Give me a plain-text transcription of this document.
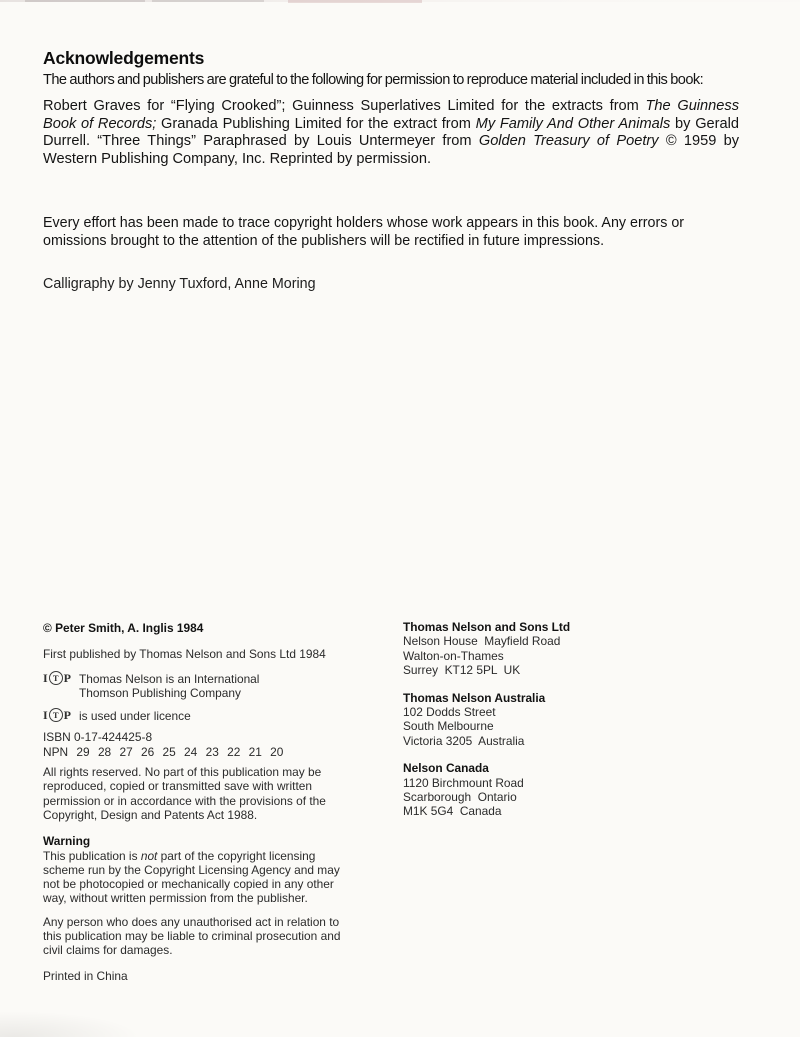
Acknowledgements

The authors and publishers are grateful to the following for permission to reproduce material included in this book:

Robert Graves for “Flying Crooked”; Guinness Superlatives Limited for the extracts from The Guinness Book of Records; Granada Publishing Limited for the extract from My Family And Other Animals by Gerald Durrell. “Three Things” Paraphrased by Louis Untermeyer from Golden Treasury of Poetry © 1959 by Western Publishing Company, Inc. Reprinted by permission.

Every effort has been made to trace copyright holders whose work appears in this book. Any errors or omissions brought to the attention of the publishers will be rectified in future impressions.

Calligraphy by Jenny Tuxford, Anne Moring

© Peter Smith, A. Inglis 1984
First published by Thomas Nelson and Sons Ltd 1984
I T P Thomas Nelson is an International
Thomson Publishing Company
I T P is used under licence
ISBN 0-17-424425-8
NPN 29 28 27 26 25 24 23 22 21 20
All rights reserved. No part of this publication may be reproduced, copied or transmitted save with written permission or in accordance with the provisions of the Copyright, Design and Patents Act 1988.
Warning
This publication is not part of the copyright licensing scheme run by the Copyright Licensing Agency and may not be photocopied or mechanically copied in any other way, without written permission from the publisher.
Any person who does any unauthorised act in relation to this publication may be liable to criminal prosecution and civil claims for damages.
Printed in China
Thomas Nelson and Sons Ltd
Nelson House  Mayfield Road
Walton-on-Thames
Surrey  KT12 5PL  UK
Thomas Nelson Australia
102 Dodds Street
South Melbourne
Victoria 3205  Australia
Nelson Canada
1120 Birchmount Road
Scarborough  Ontario
M1K 5G4  Canada
